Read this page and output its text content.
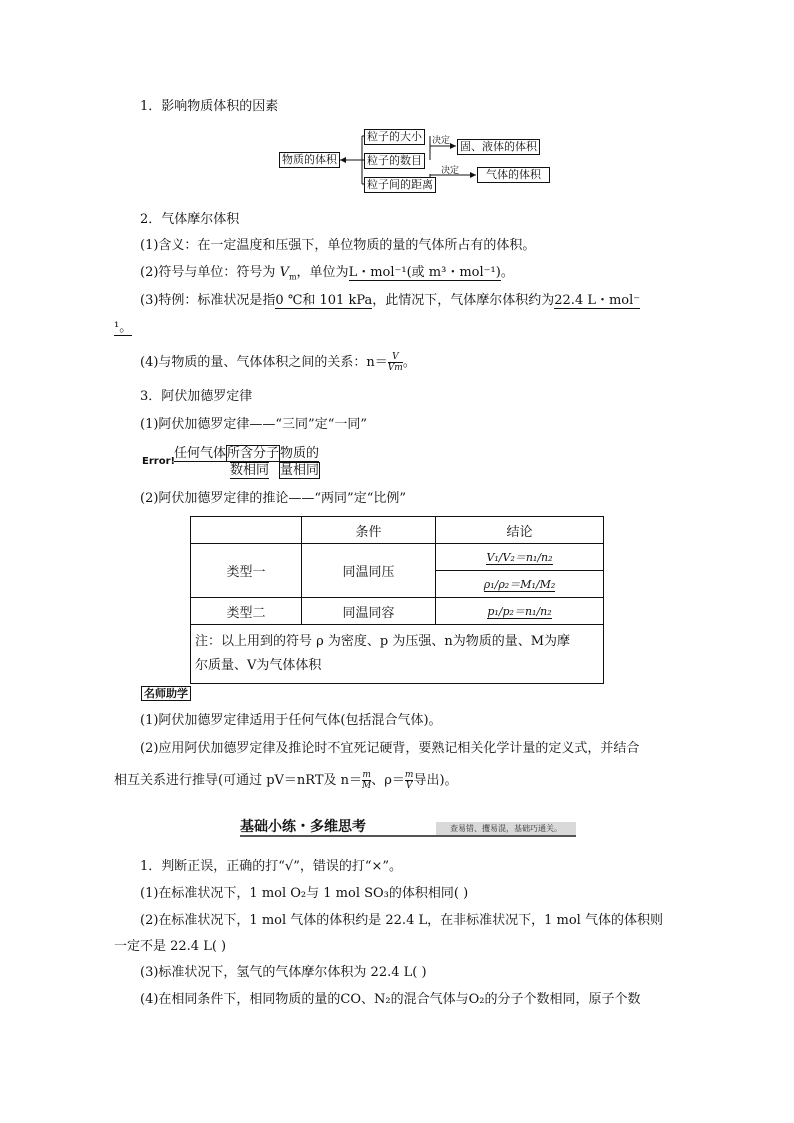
1．影响物质体积的因素
物质的体积
粒子的大小
粒子的数目
粒子间的距离
决定
决定
固、液体的体积
气体的体积
2．气体摩尔体积
(1)含义：在一定温度和压强下，单位物质的量的气体所占有的体积。
(2)符号与单位：符号为 $V_m$，单位为L・mol⁻¹(或 m³・mol⁻¹)。
(3)特例：标准状况是指0 ℃和 101 kPa，此情况下，气体摩尔体积约为22.4 L・mol⁻
¹。
(4)与物质的量、气体体积之间的关系：$n= \frac{V}{Vm}$ 。
3．阿伏加德罗定律
(1)阿伏加德罗定律——“三同”定“一同”
Error!
任何气体所含分子物质的
数相同 量相同
(2)阿伏加德罗定律的推论——“两同”定“比例”
	条件	结论
类型一	同温同压	V₁/V₂＝n₁/n₂
		ρ₁/ρ₂＝M₁/M₂
类型二	同温同容	p₁/p₂＝n₁/n₂
注：以上用到的符号 ρ 为密度、p 为压强、n为物质的量、M为摩
尔质量、V为气体体积		
名师助学
(1)阿伏加德罗定律适用于任何气体(包括混合气体)。
(2)应用阿伏加德罗定律及推论时不宜死记硬背，要熟记相关化学计量的定义式，并结合
相互关系进行推导(可通过 pV＝nRT及 $n= \frac{m}{M}$ 、$\rho= \frac{m}{V}$ 导出)。
基础小练・多维思考	查易错、攫易混，基础巧通关。
1．判断正误，正确的打“√”，错误的打“×”。
(1)在标准状况下，1 mol O₂与 1 mol SO₃的体积相同( )
(2)在标准状况下，1 mol 气体的体积约是 22.4 L，在非标准状况下，1 mol 气体的体积则
一定不是 22.4 L( )
(3)标准状况下，氢气的气体摩尔体积为 22.4 L( )
(4)在相同条件下，相同物质的量的CO、N₂的混合气体与O₂的分子个数相同，原子个数
